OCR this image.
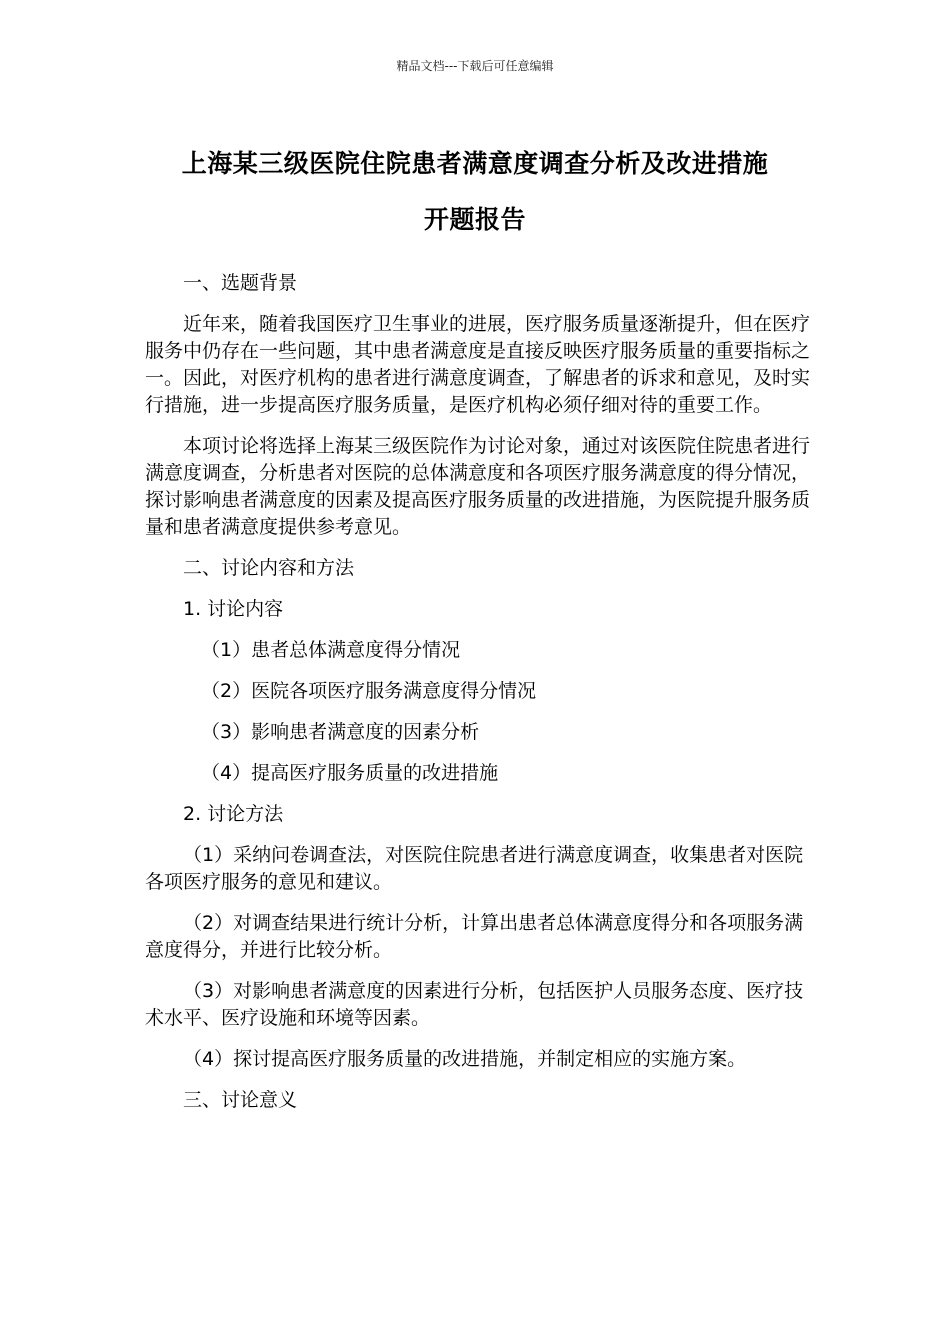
精品文档---下载后可任意编辑
上海某三级医院住院患者满意度调查分析及改进措施
开题报告

一、选题背景

近年来，随着我国医疗卫生事业的进展，医疗服务质量逐渐提升，但在医疗服务中仍存在一些问题，其中患者满意度是直接反映医疗服务质量的重要指标之一。因此，对医疗机构的患者进行满意度调查，了解患者的诉求和意见，及时实行措施，进一步提高医疗服务质量，是医疗机构必须仔细对待的重要工作。

本项讨论将选择上海某三级医院作为讨论对象，通过对该医院住院患者进行满意度调查，分析患者对医院的总体满意度和各项医疗服务满意度的得分情况，探讨影响患者满意度的因素及提高医疗服务质量的改进措施，为医院提升服务质量和患者满意度提供参考意见。

二、讨论内容和方法

1. 讨论内容

（1）患者总体满意度得分情况

（2）医院各项医疗服务满意度得分情况

（3）影响患者满意度的因素分析

（4）提高医疗服务质量的改进措施

2. 讨论方法

（1）采纳问卷调查法，对医院住院患者进行满意度调查，收集患者对医院各项医疗服务的意见和建议。

（2）对调查结果进行统计分析，计算出患者总体满意度得分和各项服务满意度得分，并进行比较分析。

（3）对影响患者满意度的因素进行分析，包括医护人员服务态度、医疗技术水平、医疗设施和环境等因素。

（4）探讨提高医疗服务质量的改进措施，并制定相应的实施方案。

三、讨论意义
